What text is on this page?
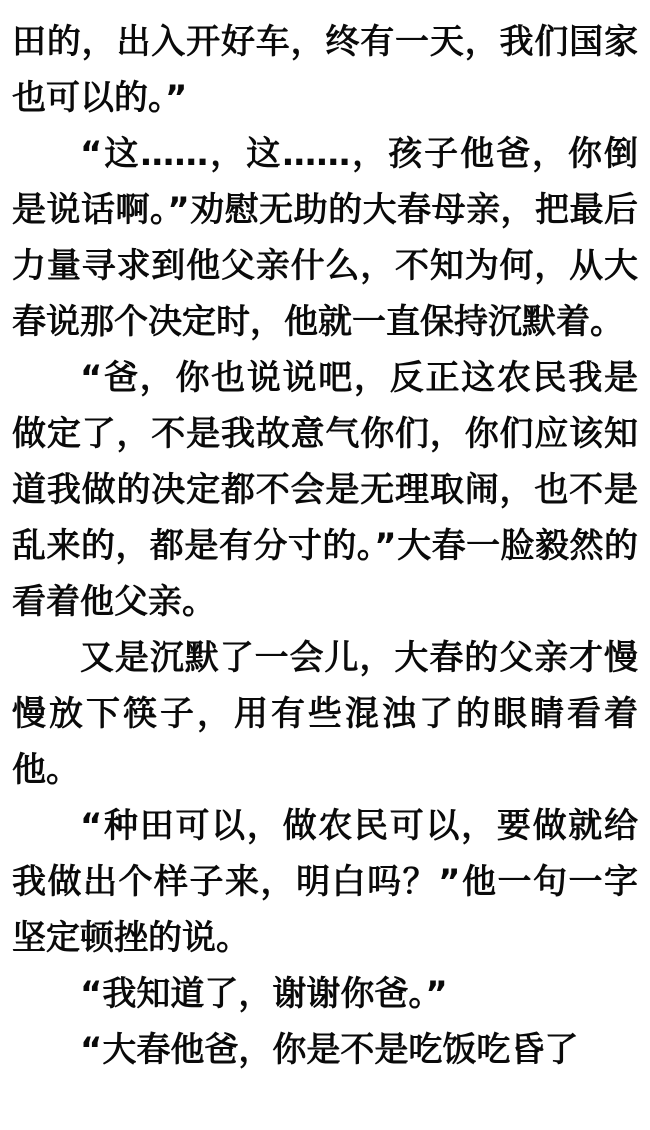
田的，出入开好车，终有一天，我们国家也可以的。”

“这……，这……，孩子他爸，你倒是说话啊。”劝慰无助的大春母亲，把最后力量寻求到他父亲什么，不知为何，从大春说那个决定时，他就一直保持沉默着。

“爸，你也说说吧，反正这农民我是做定了，不是我故意气你们，你们应该知道我做的决定都不会是无理取闹，也不是乱来的，都是有分寸的。”大春一脸毅然的看着他父亲。

又是沉默了一会儿，大春的父亲才慢慢放下筷子，用有些混浊了的眼睛看着他。

“种田可以，做农民可以，要做就给我做出个样子来，明白吗？”他一句一字坚定顿挫的说。

“我知道了，谢谢你爸。”

“大春他爸，你是不是吃饭吃昏了
